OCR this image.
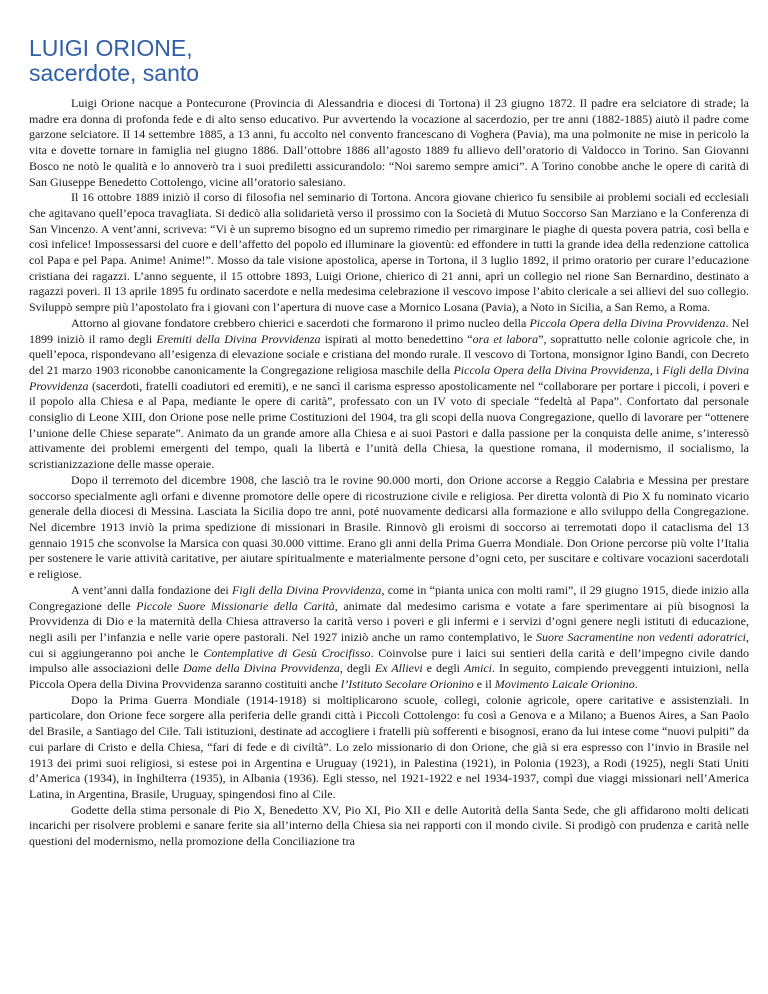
LUIGI ORIONE,
sacerdote, santo

Luigi Orione nacque a Pontecurone (Provincia di Alessandria e diocesi di Tortona) il 23 giugno 1872. Il padre era selciatore di strade; la madre era donna di profonda fede e di alto senso educativo. Pur avvertendo la vocazione al sacerdozio, per tre anni (1882-1885) aiutò il padre come garzone selciatore. Il 14 settembre 1885, a 13 anni, fu accolto nel convento francescano di Voghera (Pavia), ma una polmonite ne mise in pericolo la vita e dovette tornare in famiglia nel giugno 1886. Dall’ottobre 1886 all’agosto 1889 fu allievo dell’oratorio di Valdocco in Torino. San Giovanni Bosco ne notò le qualità e lo annoverò tra i suoi prediletti assicurandolo: “Noi saremo sempre amici”. A Torino conobbe anche le opere di carità di San Giuseppe Benedetto Cottolengo, vicine all’oratorio salesiano.

Il 16 ottobre 1889 iniziò il corso di filosofia nel seminario di Tortona. Ancora giovane chierico fu sensibile ai problemi sociali ed ecclesiali che agitavano quell’epoca travagliata. Si dedicò alla solidarietà verso il prossimo con la Società di Mutuo Soccorso San Marziano e la Conferenza di San Vincenzo. A vent’anni, scriveva: “Vi è un supremo bisogno ed un supremo rimedio per rimarginare le piaghe di questa povera patria, così bella e così infelice! Impossessarsi del cuore e dell’affetto del popolo ed illuminare la gioventù: ed effondere in tutti la grande idea della redenzione cattolica col Papa e pel Papa. Anime! Anime!”. Mosso da tale visione apostolica, aperse in Tortona, il 3 luglio 1892, il primo oratorio per curare l’educazione cristiana dei ragazzi. L’anno seguente, il 15 ottobre 1893, Luigi Orione, chierico di 21 anni, aprì un collegio nel rione San Bernardino, destinato a ragazzi poveri. Il 13 aprile 1895 fu ordinato sacerdote e nella medesima celebrazione il vescovo impose l’abito clericale a sei allievi del suo collegio. Sviluppò sempre più l’apostolato fra i giovani con l’apertura di nuove case a Mornico Losana (Pavia), a Noto in Sicilia, a San Remo, a Roma.

Attorno al giovane fondatore crebbero chierici e sacerdoti che formarono il primo nucleo della Piccola Opera della Divina Provvidenza. Nel 1899 iniziò il ramo degli Eremiti della Divina Provvidenza ispirati al motto benedettino “ora et labora”, soprattutto nelle colonie agricole che, in quell’epoca, rispondevano all’esigenza di elevazione sociale e cristiana del mondo rurale. Il vescovo di Tortona, monsignor Igino Bandi, con Decreto del 21 marzo 1903 riconobbe canonicamente la Congregazione religiosa maschile della Piccola Opera della Divina Provvidenza, i Figli della Divina Provvidenza (sacerdoti, fratelli coadiutori ed eremiti), e ne sancì il carisma espresso apostolicamente nel “collaborare per portare i piccoli, i poveri e il popolo alla Chiesa e al Papa, mediante le opere di carità”, professato con un IV voto di speciale “fedeltà al Papa”. Confortato dal personale consiglio di Leone XIII, don Orione pose nelle prime Costituzioni del 1904, tra gli scopi della nuova Congregazione, quello di lavorare per “ottenere l’unione delle Chiese separate”. Animato da un grande amore alla Chiesa e ai suoi Pastori e dalla passione per la conquista delle anime, s’interessò attivamente dei problemi emergenti del tempo, quali la libertà e l’unità della Chiesa, la questione romana, il modernismo, il socialismo, la scristianizzazione delle masse operaie.

Dopo il terremoto del dicembre 1908, che lasciò tra le rovine 90.000 morti, don Orione accorse a Reggio Calabria e Messina per prestare soccorso specialmente agli orfani e divenne promotore delle opere di ricostruzione civile e religiosa. Per diretta volontà di Pio X fu nominato vicario generale della diocesi di Messina. Lasciata la Sicilia dopo tre anni, poté nuovamente dedicarsi alla formazione e allo sviluppo della Congregazione. Nel dicembre 1913 inviò la prima spedizione di missionari in Brasile. Rinnovò gli eroismi di soccorso ai terremotati dopo il cataclisma del 13 gennaio 1915 che sconvolse la Marsica con quasi 30.000 vittime. Erano gli anni della Prima Guerra Mondiale. Don Orione percorse più volte l’Italia per sostenere le varie attività caritative, per aiutare spiritualmente e materialmente persone d’ogni ceto, per suscitare e coltivare vocazioni sacerdotali e religiose.

A vent’anni dalla fondazione dei Figli della Divina Provvidenza, come in “pianta unica con molti rami”, il 29 giugno 1915, diede inizio alla Congregazione delle Piccole Suore Missionarie della Carità, animate dal medesimo carisma e votate a fare sperimentare ai più bisognosi la Provvidenza di Dio e la maternità della Chiesa attraverso la carità verso i poveri e gli infermi e i servizi d’ogni genere negli istituti di educazione, negli asili per l’infanzia e nelle varie opere pastorali. Nel 1927 iniziò anche un ramo contemplativo, le Suore Sacramentine non vedenti adoratrici, cui si aggiungeranno poi anche le Contemplative di Gesù Crocifisso. Coinvolse pure i laici sui sentieri della carità e dell’impegno civile dando impulso alle associazioni delle Dame della Divina Provvidenza, degli Ex Allievi e degli Amici. In seguito, compiendo preveggenti intuizioni, nella Piccola Opera della Divina Provvidenza saranno costituiti anche l’Istituto Secolare Orionino e il Movimento Laicale Orionino.

Dopo la Prima Guerra Mondiale (1914-1918) si moltiplicarono scuole, collegi, colonie agricole, opere caritative e assistenziali. In particolare, don Orione fece sorgere alla periferia delle grandi città i Piccoli Cottolengo: fu così a Genova e a Milano; a Buenos Aires, a San Paolo del Brasile, a Santiago del Cile. Tali istituzioni, destinate ad accogliere i fratelli più sofferenti e bisognosi, erano da lui intese come “nuovi pulpiti” da cui parlare di Cristo e della Chiesa, “fari di fede e di civiltà”. Lo zelo missionario di don Orione, che già si era espresso con l’invio in Brasile nel 1913 dei primi suoi religiosi, si estese poi in Argentina e Uruguay (1921), in Palestina (1921), in Polonia (1923), a Rodi (1925), negli Stati Uniti d’America (1934), in Inghilterra (1935), in Albania (1936). Egli stesso, nel 1921-1922 e nel 1934-1937, compì due viaggi missionari nell’America Latina, in Argentina, Brasile, Uruguay, spingendosi fino al Cile.

Godette della stima personale di Pio X, Benedetto XV, Pio XI, Pio XII e delle Autorità della Santa Sede, che gli affidarono molti delicati incarichi per risolvere problemi e sanare ferite sia all’interno della Chiesa sia nei rapporti con il mondo civile. Si prodigò con prudenza e carità nelle questioni del modernismo, nella promozione della Conciliazione tra
